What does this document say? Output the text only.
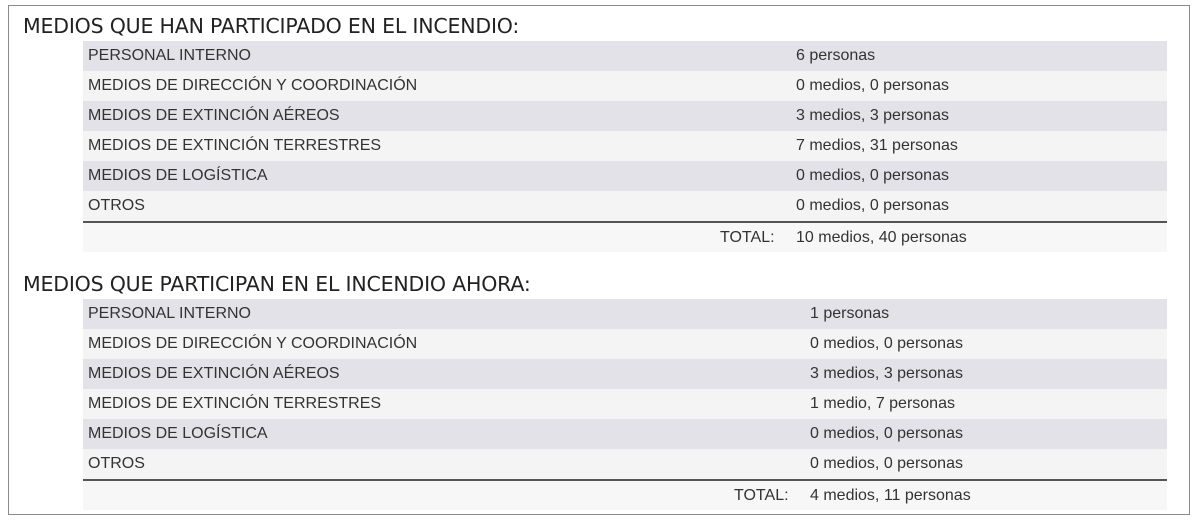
MEDIOS QUE HAN PARTICIPADO EN EL INCENDIO:
PERSONAL INTERNO	6 personas
MEDIOS DE DIRECCIÓN Y COORDINACIÓN	0 medios, 0 personas
MEDIOS DE EXTINCIÓN AÉREOS	3 medios, 3 personas
MEDIOS DE EXTINCIÓN TERRESTRES	7 medios, 31 personas
MEDIOS DE LOGÍSTICA	0 medios, 0 personas
OTROS	0 medios, 0 personas
TOTAL: 10 medios, 40 personas
MEDIOS QUE PARTICIPAN EN EL INCENDIO AHORA:
PERSONAL INTERNO	1 personas
MEDIOS DE DIRECCIÓN Y COORDINACIÓN	0 medios, 0 personas
MEDIOS DE EXTINCIÓN AÉREOS	3 medios, 3 personas
MEDIOS DE EXTINCIÓN TERRESTRES	1 medio, 7 personas
MEDIOS DE LOGÍSTICA	0 medios, 0 personas
OTROS	0 medios, 0 personas
TOTAL: 4 medios, 11 personas
